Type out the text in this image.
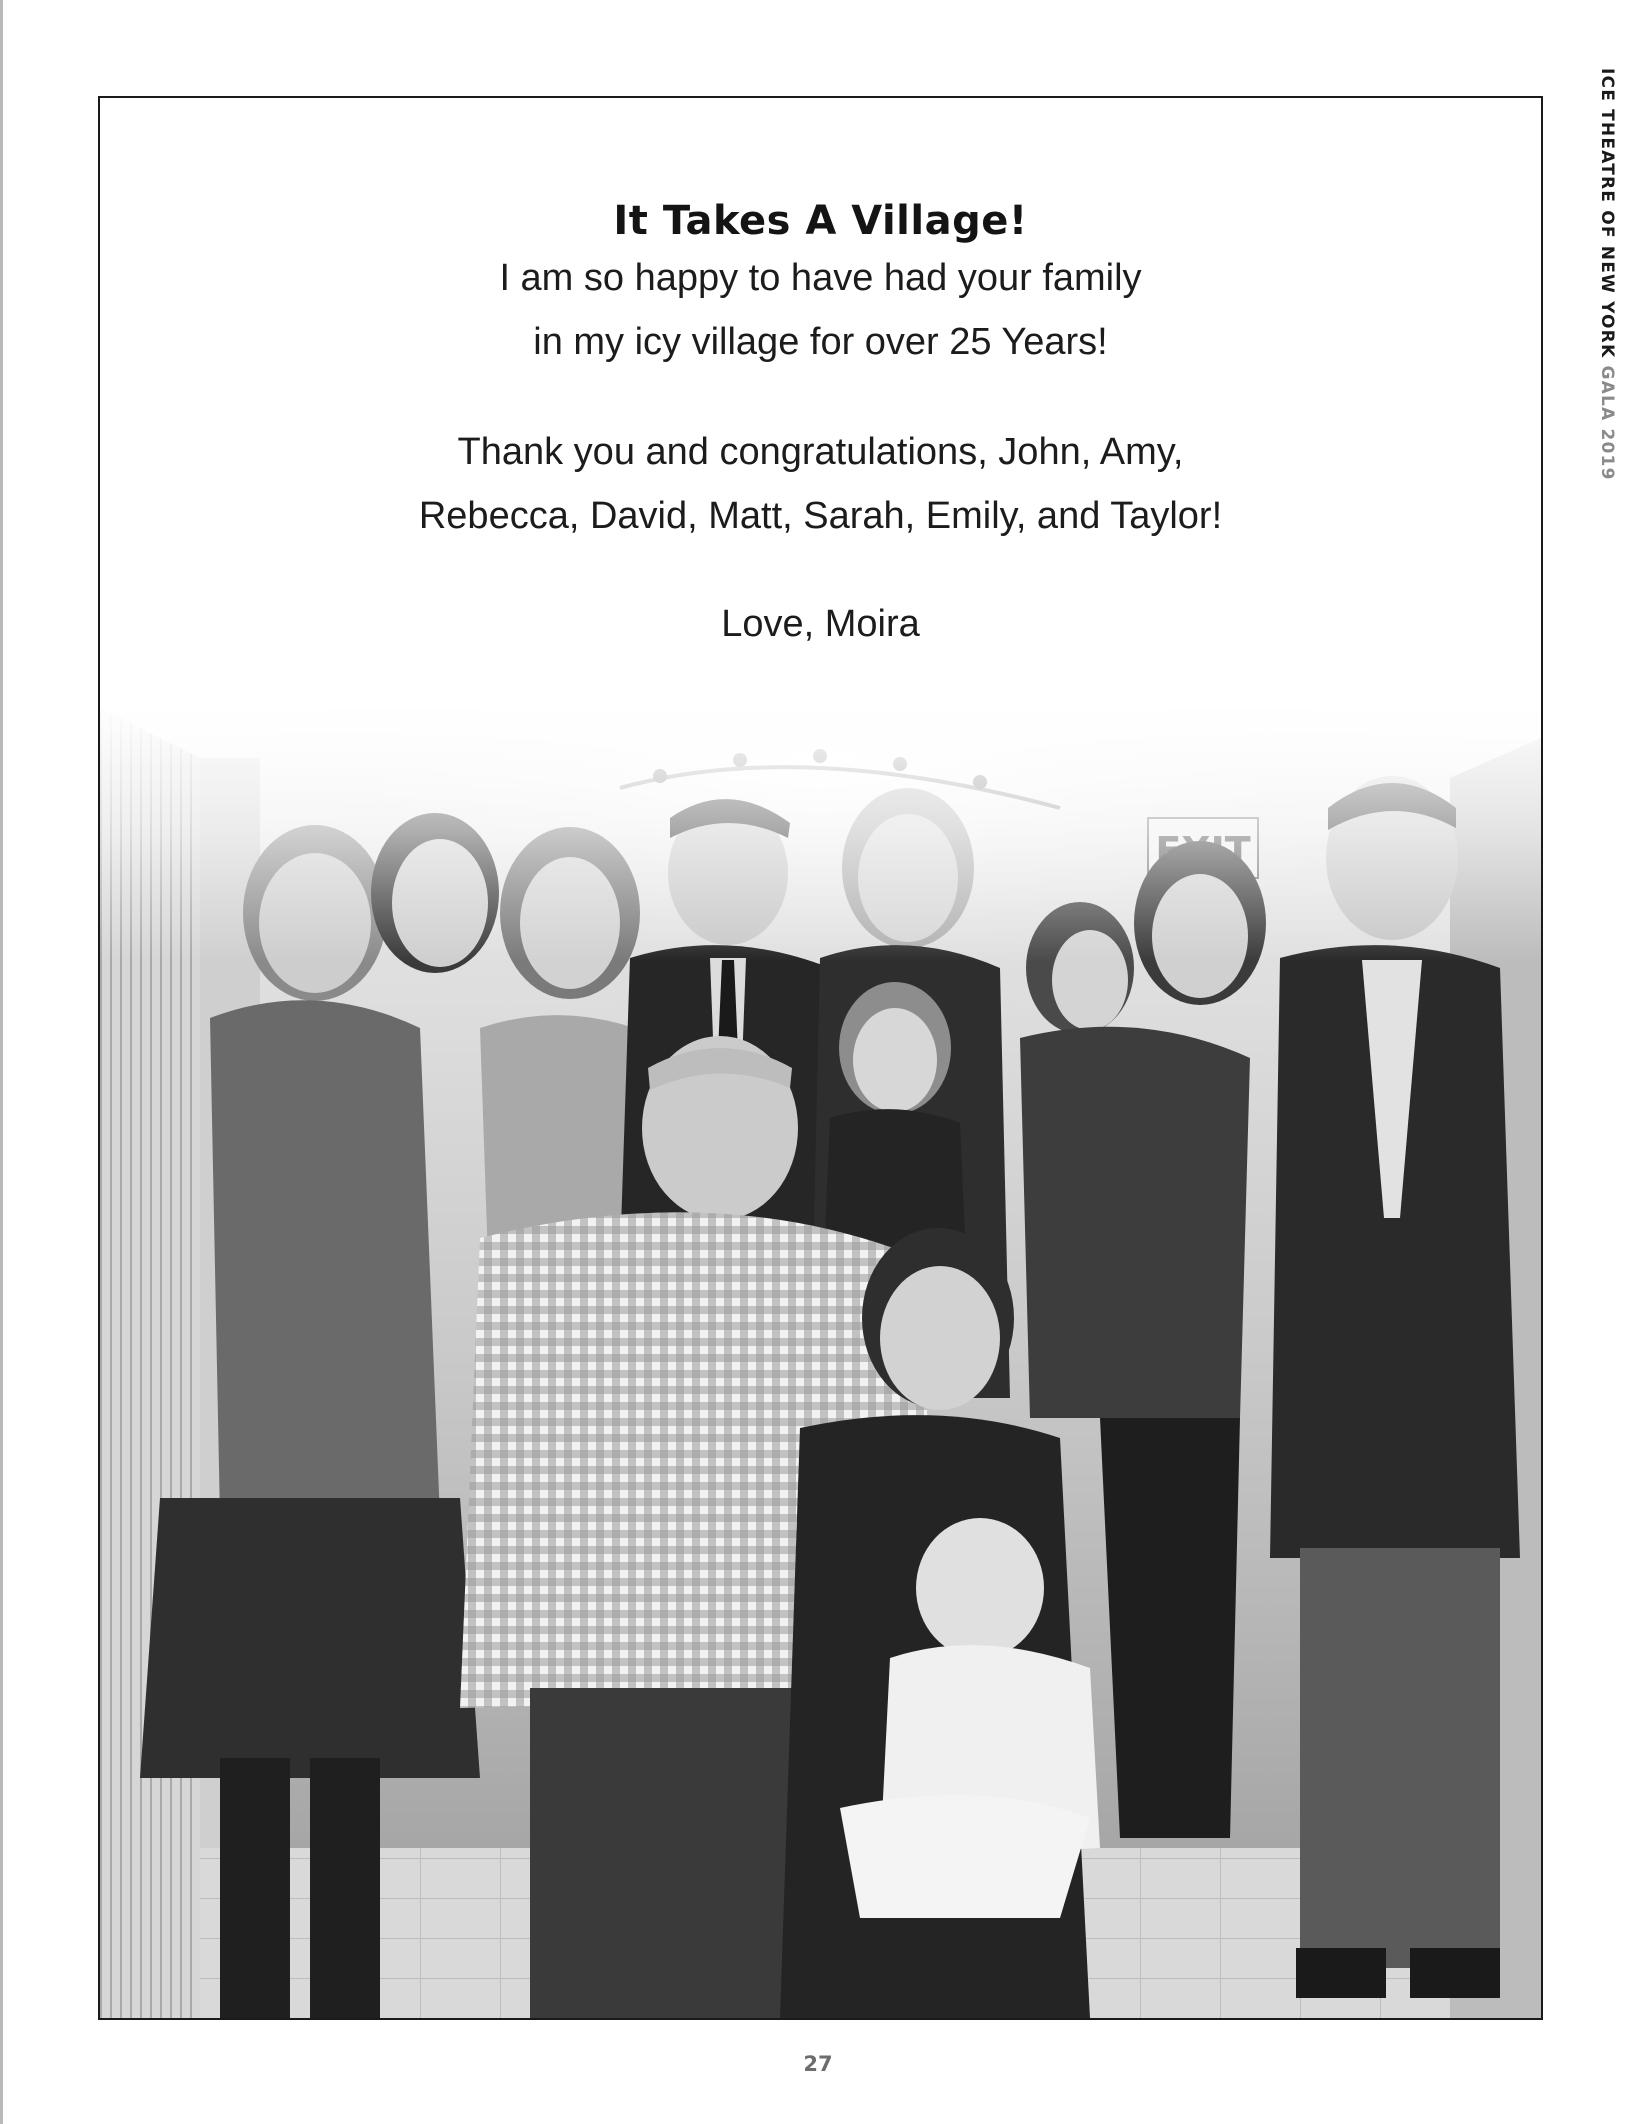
ICE THEATRE OF NEW YORK GALA 2019

It Takes A Village!

I am so happy to have had your family

in my icy village for over 25 Years!

Thank you and congratulations, John, Amy,

Rebecca, David, Matt, Sarah, Emily, and Taylor!

Love, Moira

27
